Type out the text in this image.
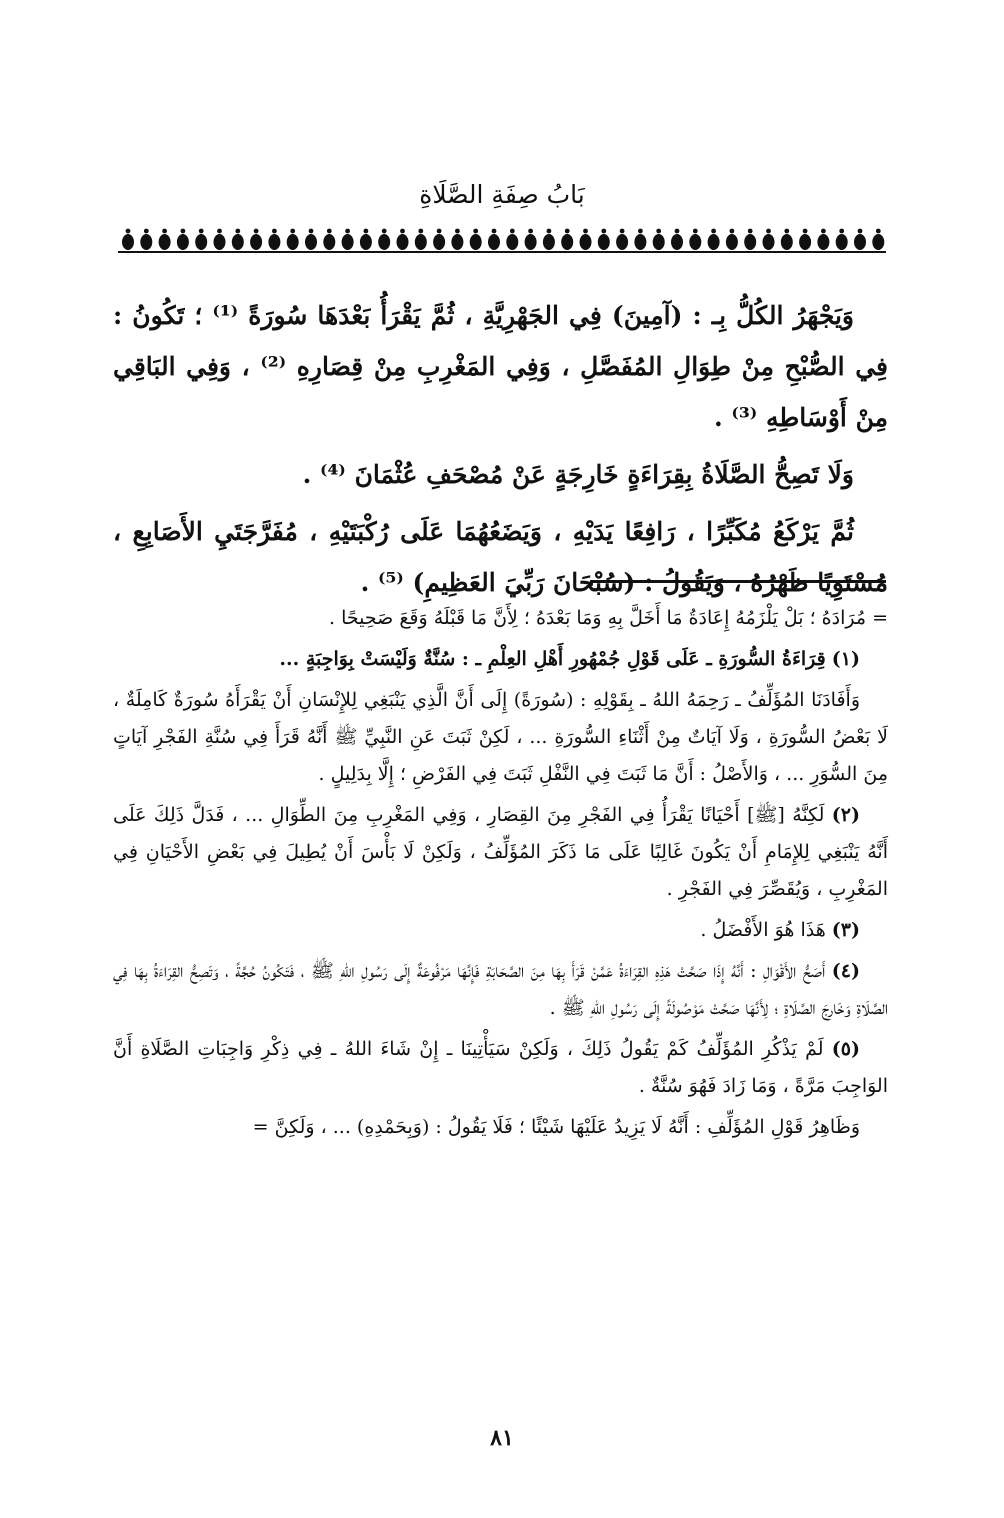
بَابُ صِفَةِ الصَّلَاةِ

وَيَجْهَرُ الكُلُّ بِـ : (آمِينَ) فِي الجَهْرِيَّةِ ، ثُمَّ يَقْرَأُ بَعْدَهَا سُورَةً ⁽¹⁾ ؛ تَكُونُ : فِي الصُّبْحِ مِنْ طِوَالِ المُفَصَّلِ ، وَفِي المَغْرِبِ مِنْ قِصَارِهِ ⁽²⁾ ، وَفِي البَاقِي مِنْ أَوْسَاطِهِ ⁽³⁾ .

وَلَا تَصِحُّ الصَّلَاةُ بِقِرَاءَةٍ خَارِجَةٍ عَنْ مُصْحَفِ عُثْمَانَ ⁽⁴⁾ .

ثُمَّ يَرْكَعُ مُكَبِّرًا ، رَافِعًا يَدَيْهِ ، وَيَضَعُهُمَا عَلَى رُكْبَتَيْهِ ، مُفَرَّجَتَيِ الأَصَابِعِ ، مُسْتَوِيًا ظَهْرُهُ ، وَيَقُولُ : (سُبْحَانَ رَبِّيَ العَظِيمِ) ⁽⁵⁾ .

= مُرَادَهُ ؛ بَلْ يَلْزَمُهُ إِعَادَةُ مَا أَخَلَّ بِهِ وَمَا بَعْدَهُ ؛ لِأَنَّ مَا قَبْلَهُ وَقَعَ صَحِيحًا .

(١) قِرَاءَةُ السُّورَةِ ـ عَلَى قَوْلِ جُمْهُورِ أَهْلِ العِلْمِ ـ : سُنَّةٌ وَلَيْسَتْ بِوَاجِبَةٍ ...

وَأَفَادَنَا المُؤَلِّفُ ـ رَحِمَهُ اللهُ ـ بِقَوْلِهِ : (سُورَةً) إِلَى أَنَّ الَّذِي يَنْبَغِي لِلإِنْسَانِ أَنْ يَقْرَأَهُ سُورَةٌ كَامِلَةٌ ، لَا بَعْضُ السُّورَةِ ، وَلَا آيَاتٌ مِنْ أَثْنَاءِ السُّورَةِ ... ، لَكِنْ ثَبَتَ عَنِ النَّبِيِّ ﷺ أَنَّهُ قَرَأَ فِي سُنَّةِ الفَجْرِ آيَاتٍ مِنَ السُّوَرِ ... ، وَالأَصْلُ : أَنَّ مَا ثَبَتَ فِي النَّفْلِ ثَبَتَ فِي الفَرْضِ ؛ إِلَّا بِدَلِيلٍ .

(٢) لَكِنَّهُ [ﷺ] أَحْيَانًا يَقْرَأُ فِي الفَجْرِ مِنَ القِصَارِ ، وَفِي المَغْرِبِ مِنَ الطِّوَالِ ... ، فَدَلَّ ذَلِكَ عَلَى أَنَّهُ يَنْبَغِي لِلإِمَامِ أَنْ يَكُونَ غَالِبًا عَلَى مَا ذَكَرَ المُؤَلِّفُ ، وَلَكِنْ لَا بَأْسَ أَنْ يُطِيلَ فِي بَعْضِ الأَحْيَانِ فِي المَغْرِبِ ، وَيُقَصِّرَ فِي الفَجْرِ .

(٣) هَذَا هُوَ الأَفْضَلُ .

(٤) أَصَحُّ الأَقْوَالِ : أَنَّهُ إِذَا صَحَّتْ هَذِهِ القِرَاءَةُ عَمَّنْ قَرَأَ بِهَا مِنَ الصَّحَابَةِ فَإِنَّهَا مَرْفُوعَةٌ إِلَى رَسُولِ اللهِ ﷺ ، فَتَكُونُ حُجَّةً ، وَتَصِحُّ القِرَاءَةُ بِهَا فِي الصَّلَاةِ وَخَارِجَ الصَّلَاةِ ؛ لِأَنَّهَا صَحَّتْ مَوْصُولَةً إِلَى رَسُولِ اللهِ ﷺ .

(٥) لَمْ يَذْكُرِ المُؤَلِّفُ كَمْ يَقُولُ ذَلِكَ ، وَلَكِنْ سَيَأْتِينَا ـ إِنْ شَاءَ اللهُ ـ فِي ذِكْرِ وَاجِبَاتِ الصَّلَاةِ أَنَّ الوَاجِبَ مَرَّةً ، وَمَا زَادَ فَهُوَ سُنَّةٌ .

وَظَاهِرُ قَوْلِ المُؤَلِّفِ : أَنَّهُ لَا يَزِيدُ عَلَيْهَا شَيْئًا ؛ فَلَا يَقُولُ : (وَبِحَمْدِهِ) ... ، وَلَكِنَّ =

٨١
